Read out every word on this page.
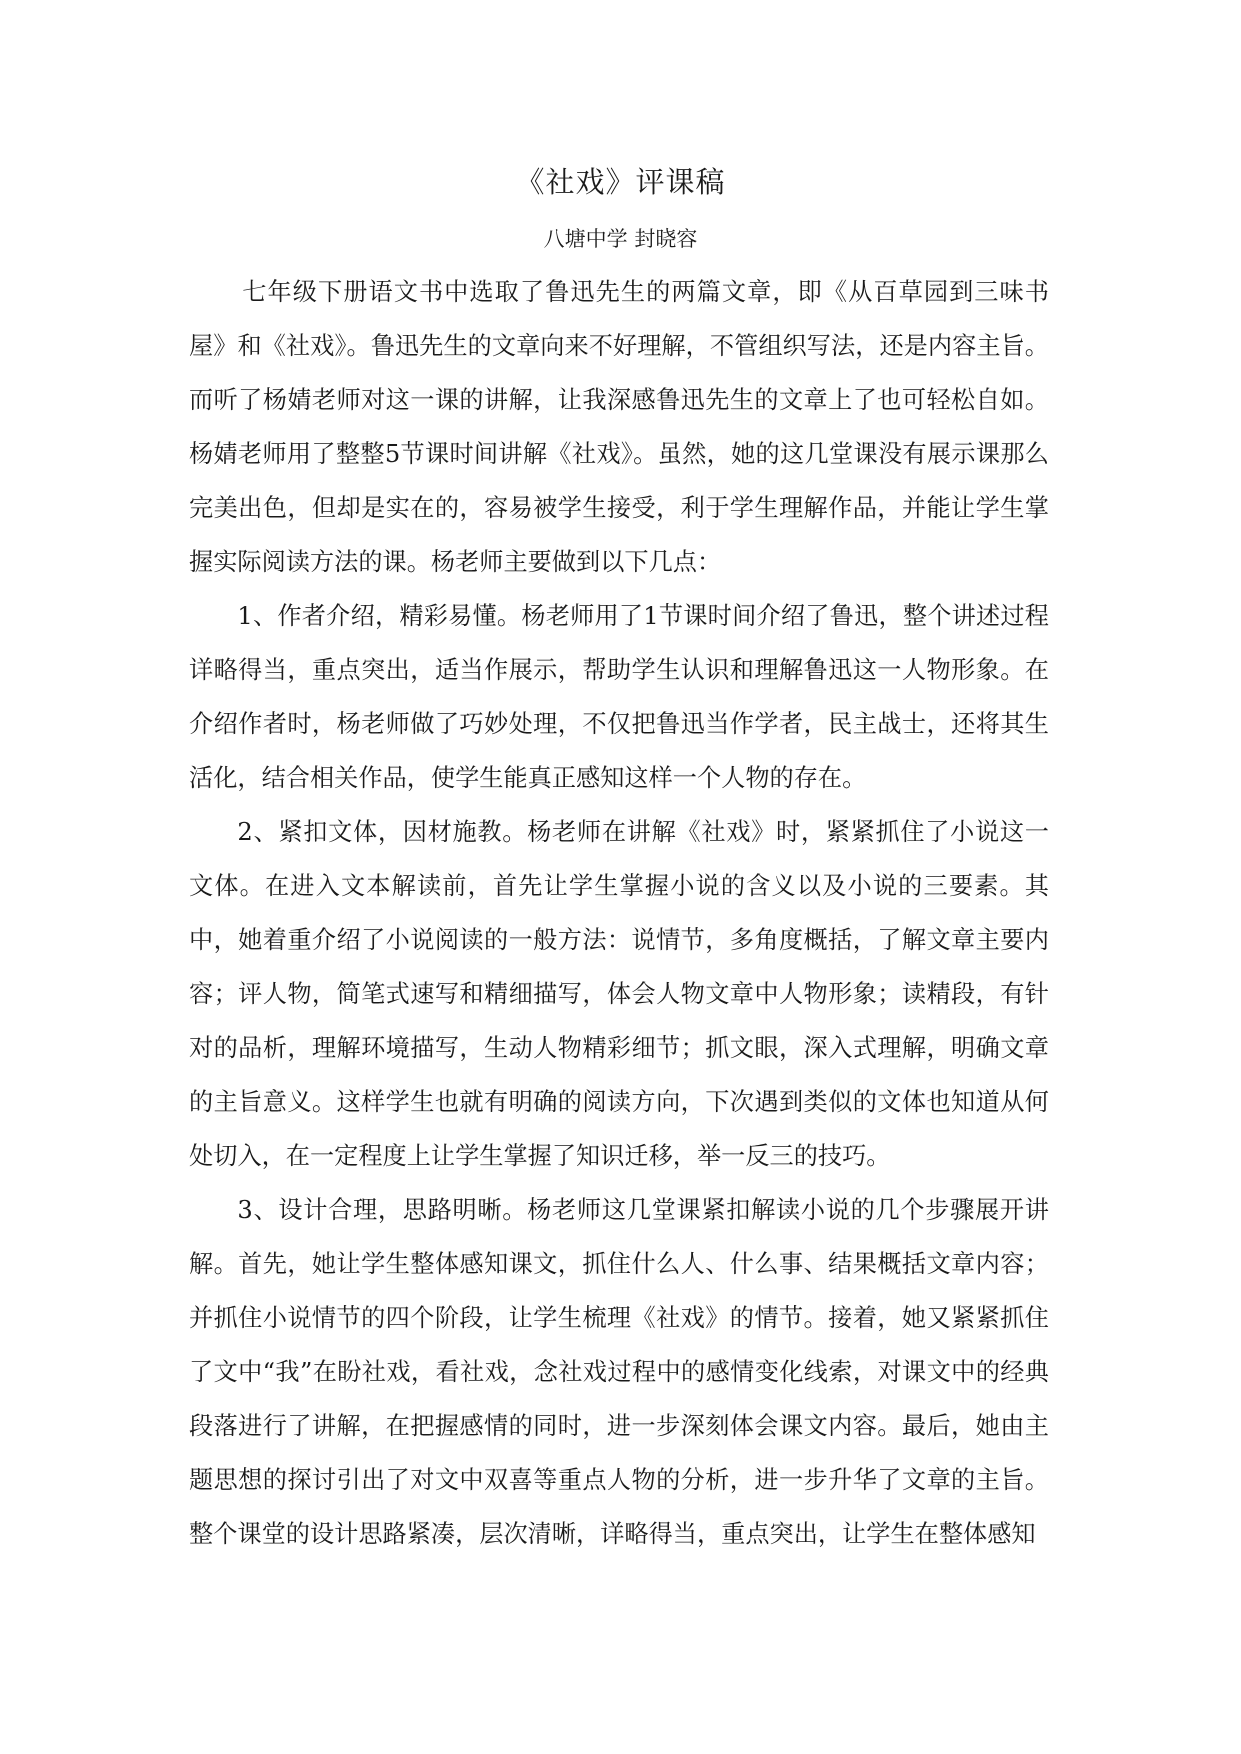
《社戏》评课稿
八塘中学 封晓容

七年级下册语文书中选取了鲁迅先生的两篇文章，即《从百草园到三味书屋》和《社戏》。鲁迅先生的文章向来不好理解，不管组织写法，还是内容主旨。而听了杨婧老师对这一课的讲解，让我深感鲁迅先生的文章上了也可轻松自如。杨婧老师用了整整5节课时间讲解《社戏》。虽然，她的这几堂课没有展示课那么完美出色，但却是实在的，容易被学生接受，利于学生理解作品，并能让学生掌握实际阅读方法的课。杨老师主要做到以下几点：

1、作者介绍，精彩易懂。杨老师用了1节课时间介绍了鲁迅，整个讲述过程详略得当，重点突出，适当作展示，帮助学生认识和理解鲁迅这一人物形象。在介绍作者时，杨老师做了巧妙处理，不仅把鲁迅当作学者，民主战士，还将其生活化，结合相关作品，使学生能真正感知这样一个人物的存在。

2、紧扣文体，因材施教。杨老师在讲解《社戏》时，紧紧抓住了小说这一文体。在进入文本解读前，首先让学生掌握小说的含义以及小说的三要素。其中，她着重介绍了小说阅读的一般方法：说情节，多角度概括，了解文章主要内容；评人物，简笔式速写和精细描写，体会人物文章中人物形象；读精段，有针对的品析，理解环境描写，生动人物精彩细节；抓文眼，深入式理解，明确文章的主旨意义。这样学生也就有明确的阅读方向，下次遇到类似的文体也知道从何处切入，在一定程度上让学生掌握了知识迁移，举一反三的技巧。

3、设计合理，思路明晰。杨老师这几堂课紧扣解读小说的几个步骤展开讲解。首先，她让学生整体感知课文，抓住什么人、什么事、结果概括文章内容；并抓住小说情节的四个阶段，让学生梳理《社戏》的情节。接着，她又紧紧抓住了文中“我”在盼社戏，看社戏，念社戏过程中的感情变化线索，对课文中的经典段落进行了讲解，在把握感情的同时，进一步深刻体会课文内容。最后，她由主题思想的探讨引出了对文中双喜等重点人物的分析，进一步升华了文章的主旨。整个课堂的设计思路紧凑，层次清晰，详略得当，重点突出，让学生在整体感知
